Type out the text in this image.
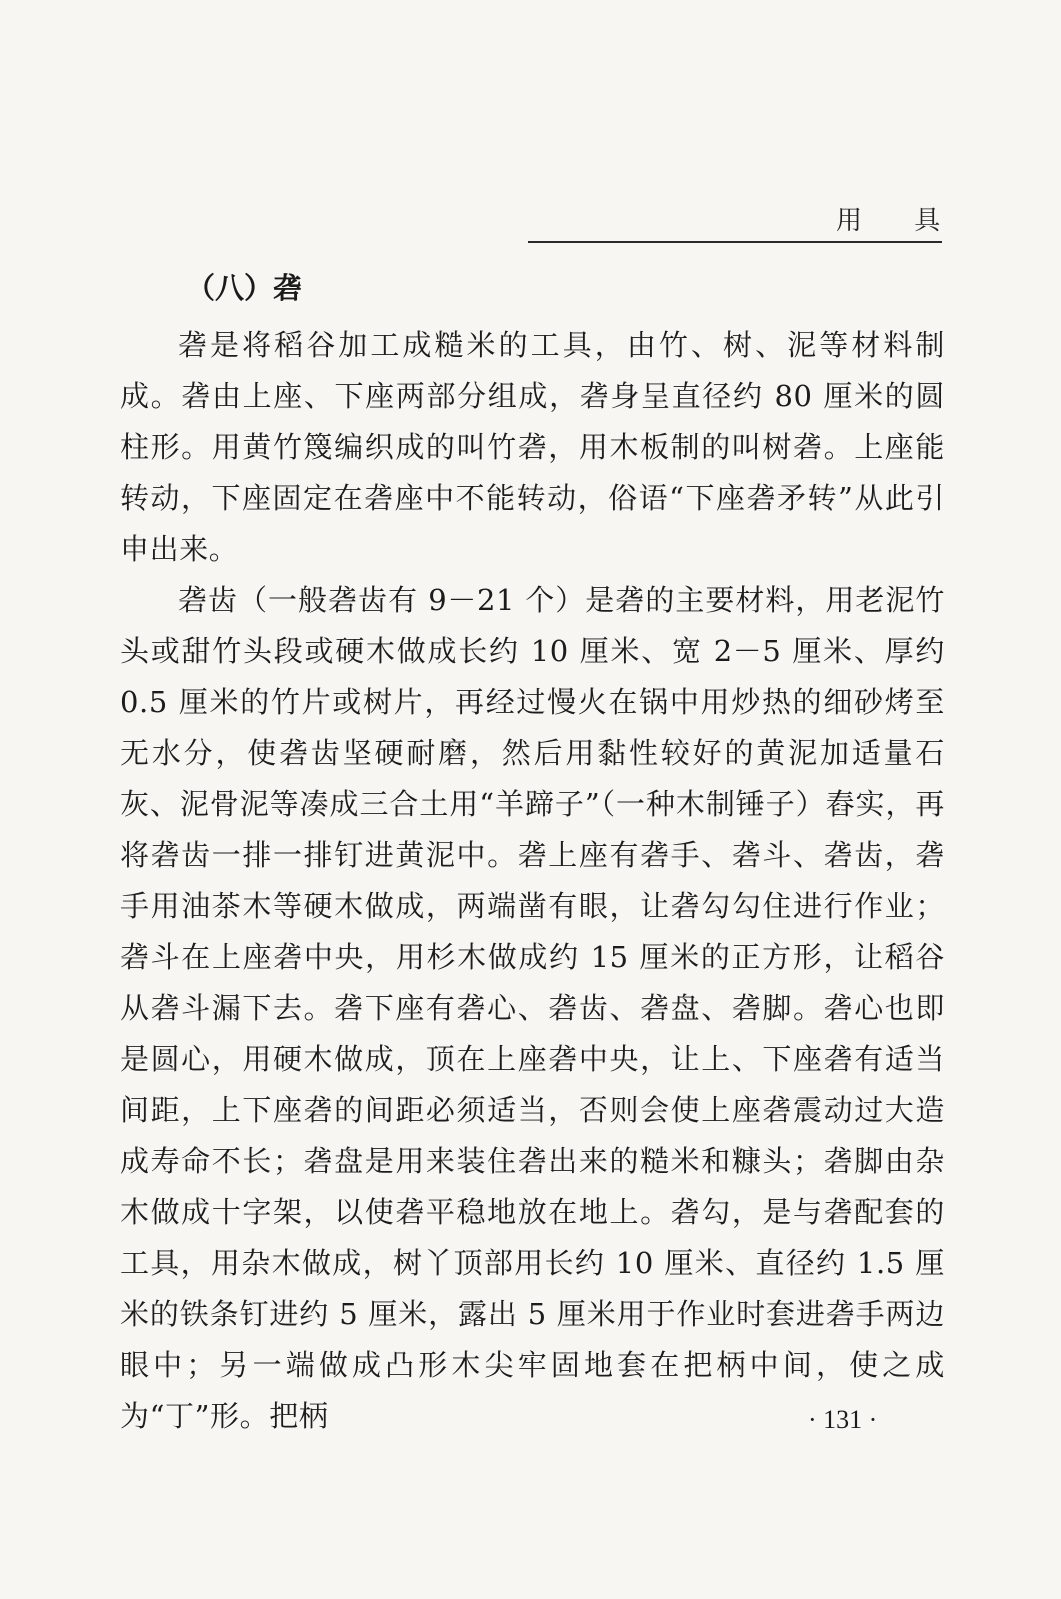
用 具
（八）砻

砻是将稻谷加工成糙米的工具，由竹、树、泥等材料制成。砻由上座、下座两部分组成，砻身呈直径约 80 厘米的圆柱形。用黄竹篾编织成的叫竹砻，用木板制的叫树砻。上座能转动，下座固定在砻座中不能转动，俗语“下座砻矛转”从此引申出来。

砻齿（一般砻齿有 9－21 个）是砻的主要材料，用老泥竹头或甜竹头段或硬木做成长约 10 厘米、宽 2－5 厘米、厚约 0.5 厘米的竹片或树片，再经过慢火在锅中用炒热的细砂烤至无水分，使砻齿坚硬耐磨，然后用黏性较好的黄泥加适量石灰、泥骨泥等凑成三合土用“羊蹄子”（一种木制锤子）舂实，再将砻齿一排一排钉进黄泥中。砻上座有砻手、砻斗、砻齿，砻手用油茶木等硬木做成，两端凿有眼，让砻勾勾住进行作业；砻斗在上座砻中央，用杉木做成约 15 厘米的正方形，让稻谷从砻斗漏下去。砻下座有砻心、砻齿、砻盘、砻脚。砻心也即是圆心，用硬木做成，顶在上座砻中央，让上、下座砻有适当间距，上下座砻的间距必须适当，否则会使上座砻震动过大造成寿命不长；砻盘是用来装住砻出来的糙米和糠头；砻脚由杂木做成十字架，以使砻平稳地放在地上。砻勾，是与砻配套的工具，用杂木做成，树丫顶部用长约 10 厘米、直径约 1.5 厘米的铁条钉进约 5 厘米，露出 5 厘米用于作业时套进砻手两边眼中；另一端做成凸形木尖牢固地套在把柄中间，使之成为“丁”形。把柄	· 131 ·
